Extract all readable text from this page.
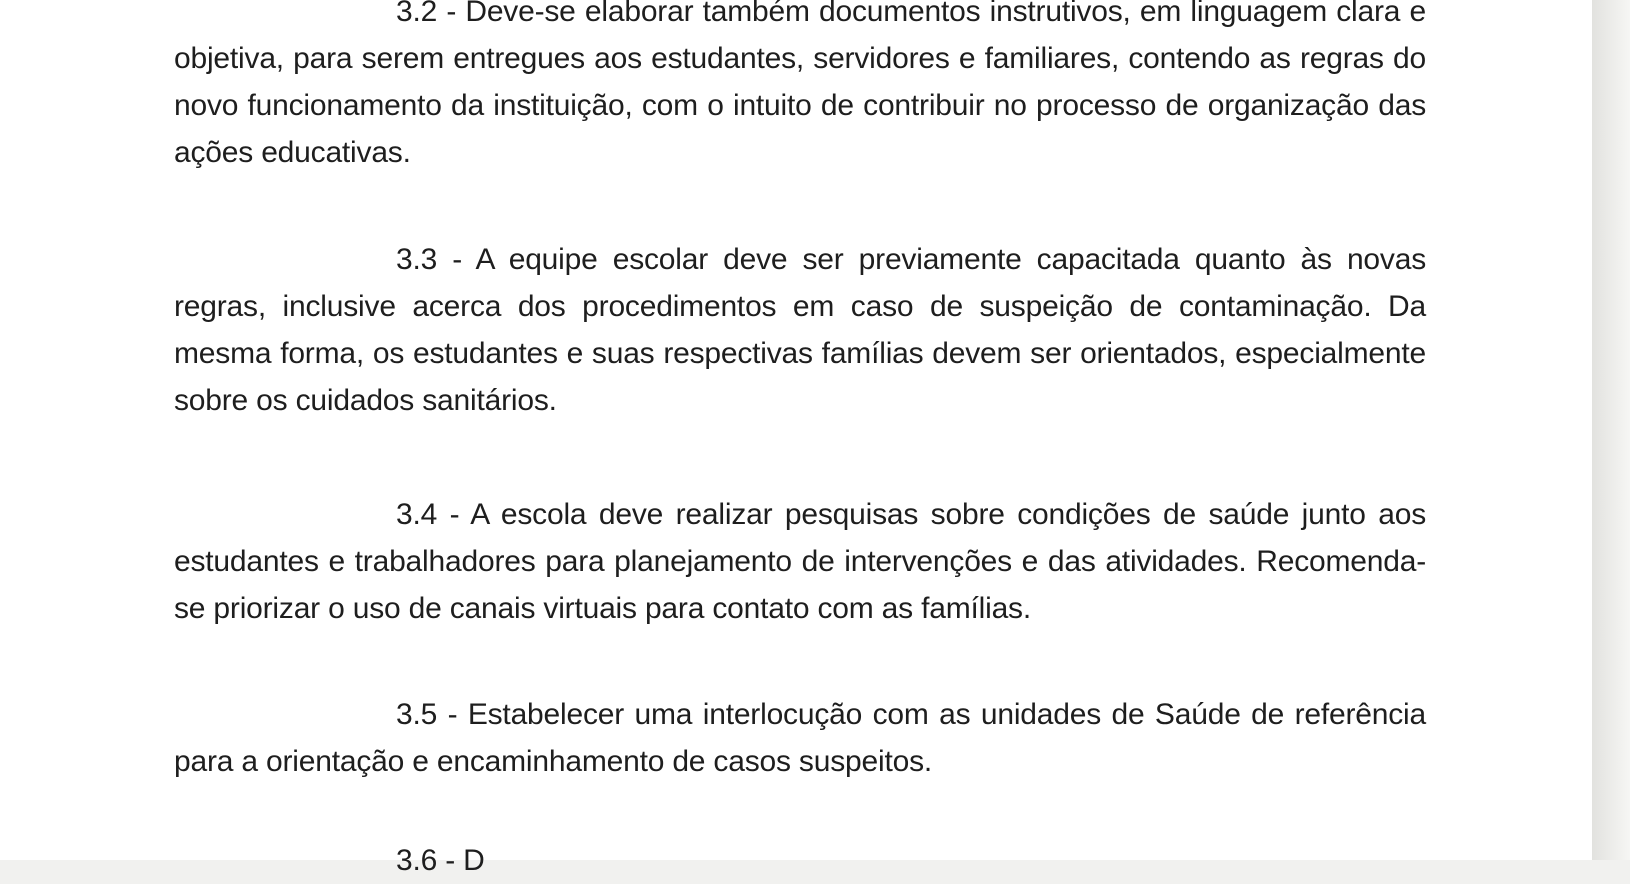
3.2 - Deve-se elaborar também documentos instrutivos, em linguagem clara e objetiva, para serem entregues aos estudantes, servidores e familiares, contendo as regras do novo funcionamento da instituição, com o intuito de contribuir no processo de organização das ações educativas.

3.3 - A equipe escolar deve ser previamente capacitada quanto às novas regras, inclusive acerca dos procedimentos em caso de suspeição de contaminação. Da mesma forma, os estudantes e suas respectivas famílias devem ser orientados, especialmente sobre os cuidados sanitários.

3.4 - A escola deve realizar pesquisas sobre condições de saúde junto aos estudantes e trabalhadores para planejamento de intervenções e das atividades. Recomenda-se priorizar o uso de canais virtuais para contato com as famílias.

3.5 - Estabelecer uma interlocução com as unidades de Saúde de referência para a orientação e encaminhamento de casos suspeitos.

3.6 - D
